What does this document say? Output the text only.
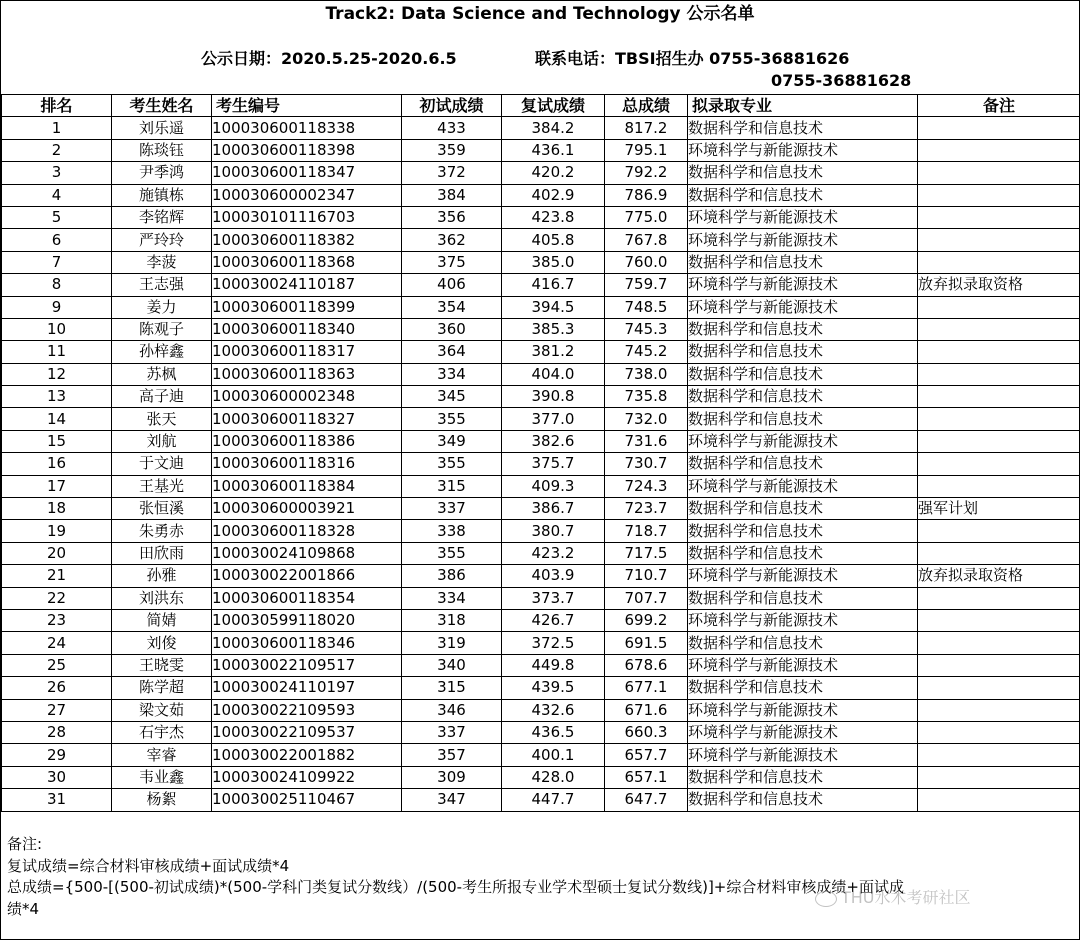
Track2: Data Science and Technology 公示名单
公示日期：2020.5.25-2020.6.5	联系电话：TBSI招生办 0755-36881626
0755-36881628
排名	考生姓名	考生编号	初试成绩	复试成绩	总成绩	拟录取专业	备注
1	刘乐遥	100030600118338	433	384.2	817.2	数据科学和信息技术	
2	陈琰钰	100030600118398	359	436.1	795.1	环境科学与新能源技术	
3	尹季鸿	100030600118347	372	420.2	792.2	数据科学和信息技术	
4	施镇栋	100030600002347	384	402.9	786.9	数据科学和信息技术	
5	李铭辉	100030101116703	356	423.8	775.0	环境科学与新能源技术	
6	严玲玲	100030600118382	362	405.8	767.8	环境科学与新能源技术	
7	李菠	100030600118368	375	385.0	760.0	数据科学和信息技术	
8	王志强	100030024110187	406	416.7	759.7	环境科学与新能源技术	放弃拟录取资格
9	姜力	100030600118399	354	394.5	748.5	环境科学与新能源技术	
10	陈观子	100030600118340	360	385.3	745.3	数据科学和信息技术	
11	孙梓鑫	100030600118317	364	381.2	745.2	数据科学和信息技术	
12	苏枫	100030600118363	334	404.0	738.0	数据科学和信息技术	
13	高子迪	100030600002348	345	390.8	735.8	数据科学和信息技术	
14	张天	100030600118327	355	377.0	732.0	数据科学和信息技术	
15	刘航	100030600118386	349	382.6	731.6	环境科学与新能源技术	
16	于文迪	100030600118316	355	375.7	730.7	数据科学和信息技术	
17	王基光	100030600118384	315	409.3	724.3	环境科学与新能源技术	
18	张恒溪	100030600003921	337	386.7	723.7	数据科学和信息技术	强军计划
19	朱勇赤	100030600118328	338	380.7	718.7	数据科学和信息技术	
20	田欣雨	100030024109868	355	423.2	717.5	数据科学和信息技术	
21	孙雅	100030022001866	386	403.9	710.7	环境科学与新能源技术	放弃拟录取资格
22	刘洪东	100030600118354	334	373.7	707.7	数据科学和信息技术	
23	简婧	100030599118020	318	426.7	699.2	环境科学与新能源技术	
24	刘俊	100030600118346	319	372.5	691.5	数据科学和信息技术	
25	王晓雯	100030022109517	340	449.8	678.6	环境科学与新能源技术	
26	陈学超	100030024110197	315	439.5	677.1	数据科学和信息技术	
27	梁文茹	100030022109593	346	432.6	671.6	环境科学与新能源技术	
28	石宇杰	100030022109537	337	436.5	660.3	环境科学与新能源技术	
29	宰睿	100030022001882	357	400.1	657.7	环境科学与新能源技术	
30	韦业鑫	100030024109922	309	428.0	657.1	数据科学和信息技术	
31	杨絮	100030025110467	347	447.7	647.7	数据科学和信息技术	
备注:
复试成绩=综合材料审核成绩+面试成绩*4
总成绩={500-[(500-初试成绩)*(500-学科门类复试分数线）/(500-考生所报专业学术型硕士复试分数线)]+综合材料审核成绩+面试成
绩*4
THU水木考研社区
